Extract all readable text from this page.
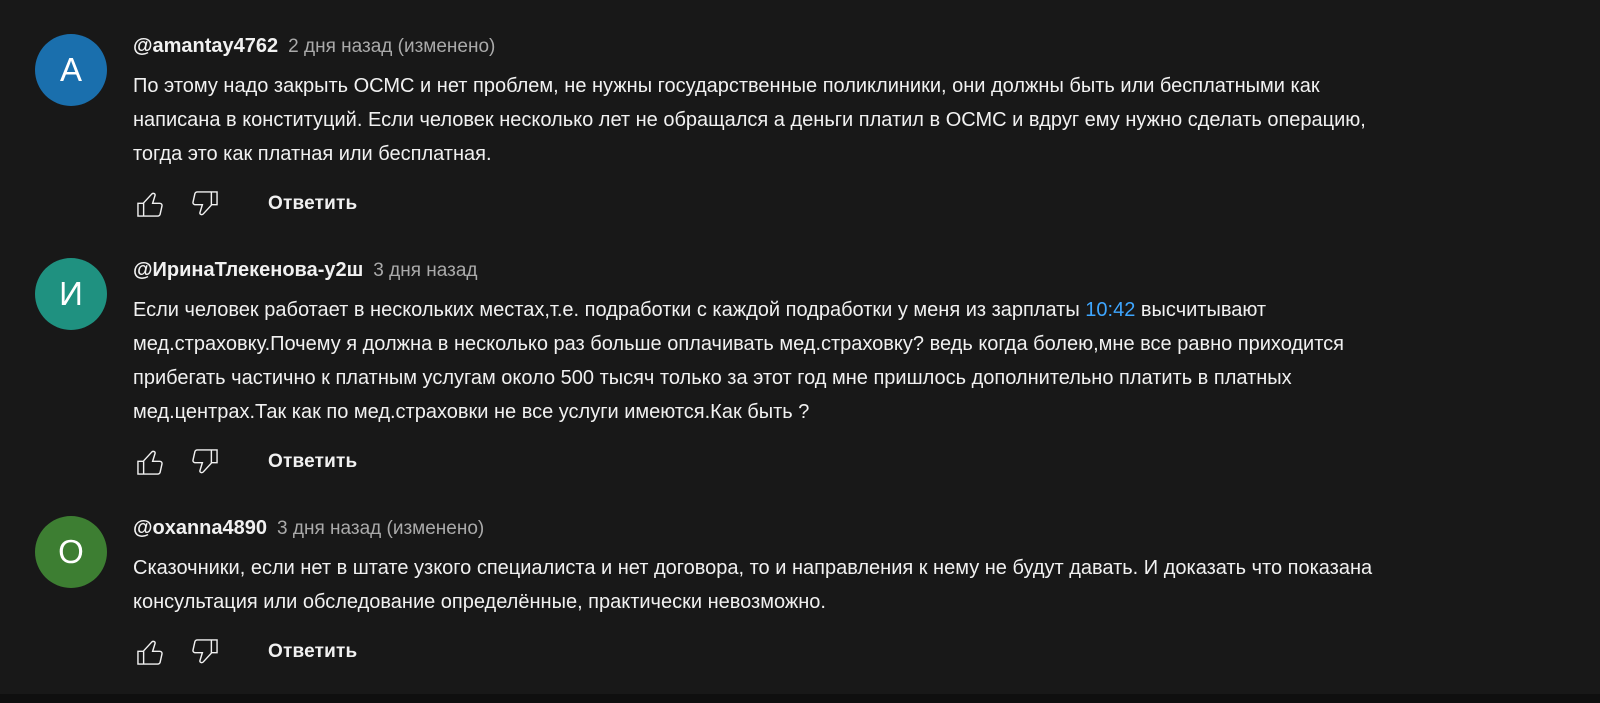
A
@amantay4762 2 дня назад (изменено)
По этому надо закрыть ОСМС и нет проблем, не нужны государственные поликлиники, они должны быть или бесплатными как написана в конституций. Если человек несколько лет не обращался а деньги платил в ОСМС и вдруг ему нужно сделать операцию, тогда это как платная или бесплатная.
Ответить
И
@ИринаТлекенова-у2ш 3 дня назад
Если человек работает в нескольких местах,т.е. подработки с каждой подработки у меня из зарплаты 10:42 высчитывают мед.страховку.Почему я должна в несколько раз больше оплачивать мед.страховку? ведь когда болею,мне все равно приходится прибегать частично к платным услугам около 500 тысяч только за этот год мне пришлось дополнительно платить в платных мед.центрах.Так как по мед.страховки не все услуги имеются.Как быть ?
Ответить
O
@oxanna4890 3 дня назад (изменено)
Сказочники, если нет в штате узкого специалиста и нет договора, то и направления к нему не будут давать. И доказать что показана консультация или обследование определённые, практически невозможно.
Ответить
